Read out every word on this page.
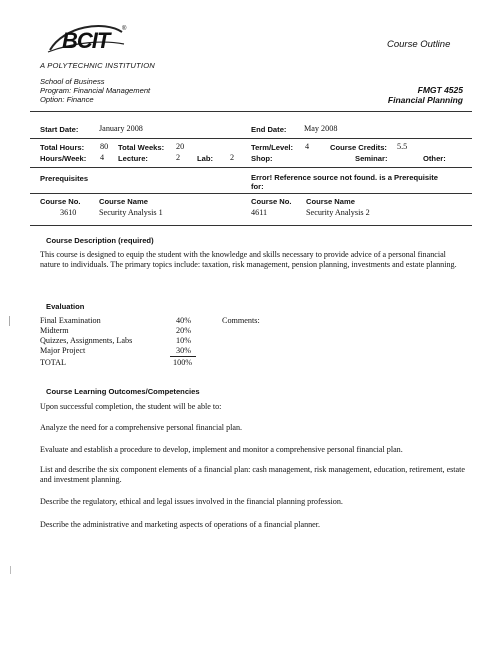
BCIT ®
A POLYTECHNIC INSTITUTION
Course Outline
School of Business
Program: Financial Management
Option: Finance
FMGT 4525
Financial Planning
Start Date:	January 2008	End Date: May 2008
Total Hours: 80 Total Weeks: 20	Term/Level: 4	Course Credits: 5.5
Hours/Week: 4 Lecture:	2 Lab: 2 Shop:	Seminar:	Other:
Prerequisites	Error! Reference source not found. is a Prerequisite for:
Course No. Course Name	Course No. Course Name
3610	Security Analysis 1	4611	Security Analysis 2
Course Description (required)

This course is designed to equip the student with the knowledge and skills necessary to provide advice of a personal financial nature to individuals. The primary topics include: taxation, risk management, pension planning, investments and estate planning.

Evaluation
Final Examination	40%
Midterm	20%
Quizzes, Assignments, Labs	10%
Major Project	30%
TOTAL	100%
Comments:
Course Learning Outcomes/Competencies

Upon successful completion, the student will be able to:

Analyze the need for a comprehensive personal financial plan.

Evaluate and establish a procedure to develop, implement and monitor a comprehensive personal financial plan.

List and describe the six component elements of a financial plan: cash management, risk management, education, retirement, estate and investment planning.

Describe the regulatory, ethical and legal issues involved in the financial planning profession.

Describe the administrative and marketing aspects of operations of a financial planner.
